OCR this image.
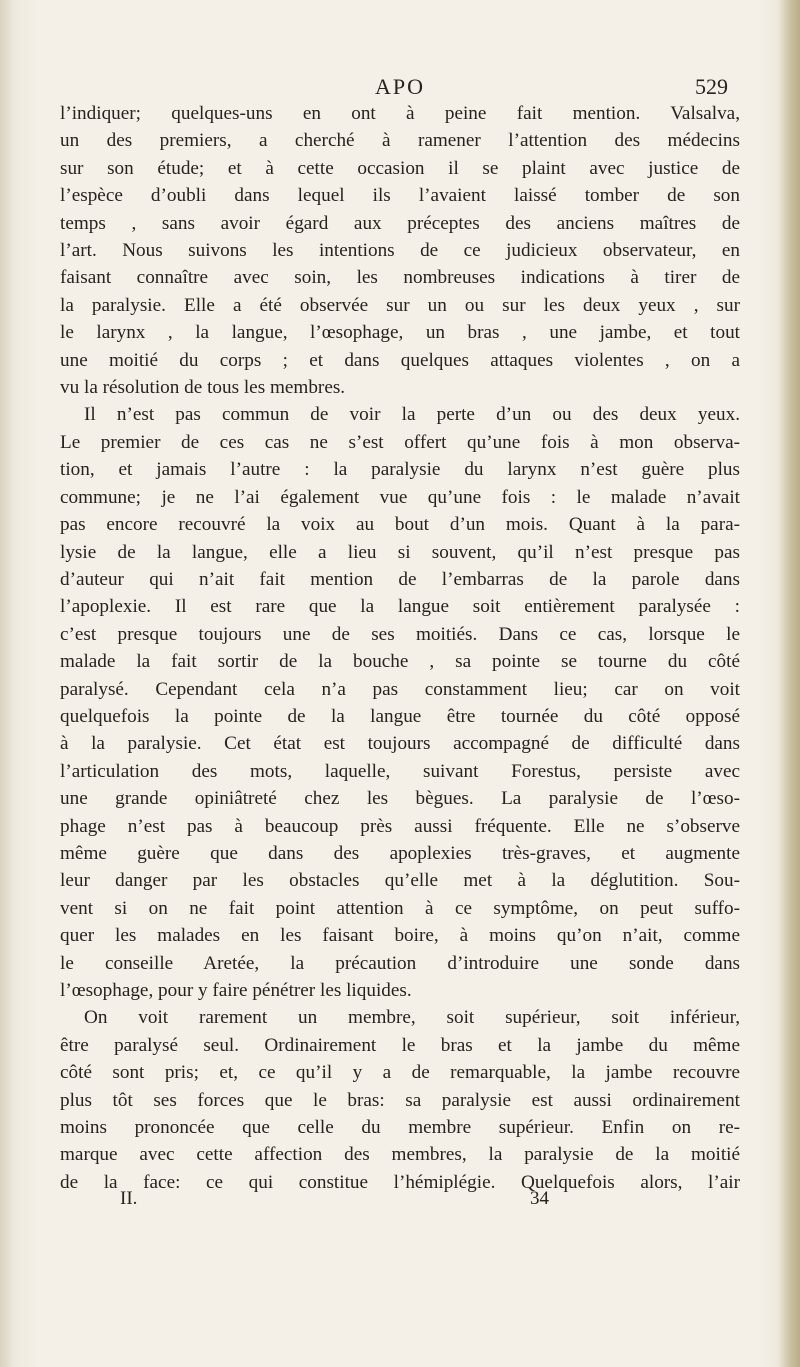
APO	529
l’indiquer; quelques-uns en ont à peine fait mention. Valsalva,
un des premiers, a cherché à ramener l’attention des médecins
sur son étude; et à cette occasion il se plaint avec justice de
l’espèce d’oubli dans lequel ils l’avaient laissé tomber de son
temps , sans avoir égard aux préceptes des anciens maîtres de
l’art. Nous suivons les intentions de ce judicieux observateur, en
faisant connaître avec soin, les nombreuses indications à tirer de
la paralysie. Elle a été observée sur un ou sur les deux yeux , sur
le larynx , la langue, l’œsophage, un bras , une jambe, et tout
une moitié du corps ; et dans quelques attaques violentes , on a
vu la résolution de tous les membres.
Il n’est pas commun de voir la perte d’un ou des deux yeux.
Le premier de ces cas ne s’est offert qu’une fois à mon observa-
tion, et jamais l’autre : la paralysie du larynx n’est guère plus
commune; je ne l’ai également vue qu’une fois : le malade n’avait
pas encore recouvré la voix au bout d’un mois. Quant à la para-
lysie de la langue, elle a lieu si souvent, qu’il n’est presque pas
d’auteur qui n’ait fait mention de l’embarras de la parole dans
l’apoplexie. Il est rare que la langue soit entièrement paralysée :
c’est presque toujours une de ses moitiés. Dans ce cas, lorsque le
malade la fait sortir de la bouche , sa pointe se tourne du côté
paralysé. Cependant cela n’a pas constamment lieu; car on voit
quelquefois la pointe de la langue être tournée du côté opposé
à la paralysie. Cet état est toujours accompagné de difficulté dans
l’articulation des mots, laquelle, suivant Forestus, persiste avec
une grande opiniâtreté chez les bègues. La paralysie de l’œso-
phage n’est pas à beaucoup près aussi fréquente. Elle ne s’observe
même guère que dans des apoplexies très-graves, et augmente
leur danger par les obstacles qu’elle met à la déglutition. Sou-
vent si on ne fait point attention à ce symptôme, on peut suffo-
quer les malades en les faisant boire, à moins qu’on n’ait, comme
le conseille Aretée, la précaution d’introduire une sonde dans
l’œsophage, pour y faire pénétrer les liquides.
On voit rarement un membre, soit supérieur, soit inférieur,
être paralysé seul. Ordinairement le bras et la jambe du même
côté sont pris; et, ce qu’il y a de remarquable, la jambe recouvre
plus tôt ses forces que le bras: sa paralysie est aussi ordinairement
moins prononcée que celle du membre supérieur. Enfin on re-
marque avec cette affection des membres, la paralysie de la moitié
de la face: ce qui constitue l’hémiplégie. Quelquefois alors, l’air
II.	34
